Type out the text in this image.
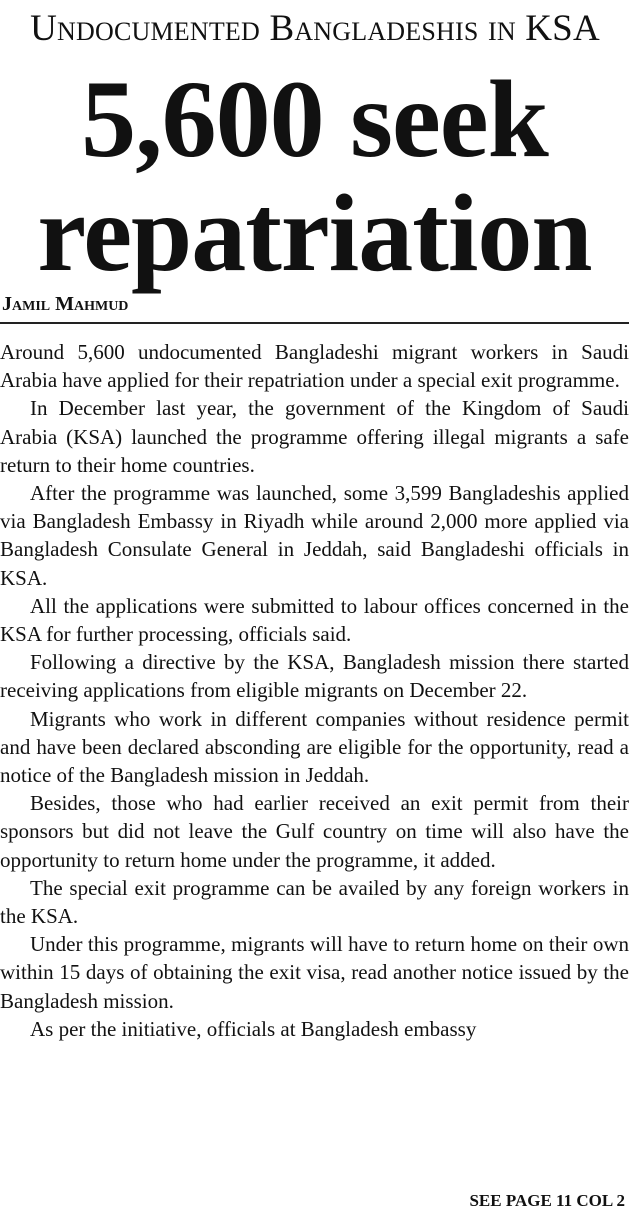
Undocumented Bangladeshis in KSA
5,600 seek
repatriation
Jamil Mahmud

Around 5,600 undocumented Bangladeshi migrant workers in Saudi Arabia have applied for their repatriation under a special exit programme.

In December last year, the government of the Kingdom of Saudi Arabia (KSA) launched the programme offering illegal migrants a safe return to their home countries.

After the programme was launched, some 3,599 Bangladeshis applied via Bangladesh Embassy in Riyadh while around 2,000 more applied via Bangladesh Consulate General in Jeddah, said Bangladeshi officials in KSA.

All the applications were submitted to labour offices concerned in the KSA for further processing, officials said.

Following a directive by the KSA, Bangladesh mission there started receiving applications from eligible migrants on December 22.

Migrants who work in different companies without residence permit and have been declared absconding are eligible for the opportunity, read a notice of the Bangladesh mission in Jeddah.

Besides, those who had earlier received an exit permit from their sponsors but did not leave the Gulf country on time will also have the opportunity to return home under the programme, it added.

The special exit programme can be availed by any foreign workers in the KSA.

Under this programme, migrants will have to return home on their own within 15 days of obtaining the exit visa, read another notice issued by the Bangladesh mission.

As per the initiative, officials at Bangladesh embassy

SEE PAGE 11 COL 2
